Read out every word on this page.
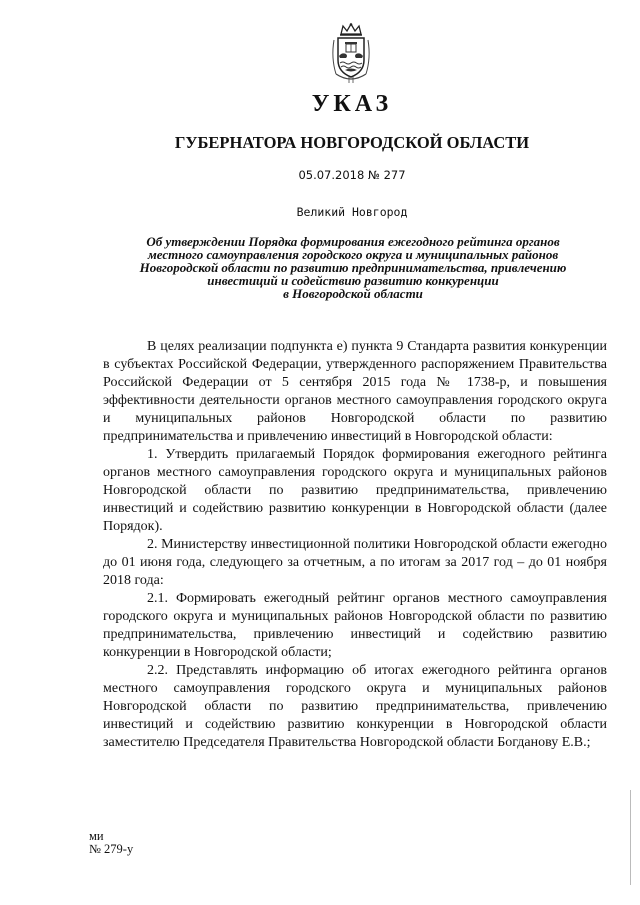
УКАЗ
ГУБЕРНАТОРА НОВГОРОДСКОЙ ОБЛАСТИ
05.07.2018 № 277
Великий Новгород
Об утверждении Порядка формирования ежегодного рейтинга органов
местного самоуправления городского округа и муниципальных районов
Новгородской области по развитию предпринимательства, привлечению
инвестиций и содействию развитию конкуренции
в Новгородской области

В целях реализации подпункта е) пункта 9 Стандарта развития конкуренции в субъектах Российской Федерации, утвержденного распоряжением Правительства Российской Федерации от 5 сентября 2015 года № 1738-р, и повышения эффективности деятельности органов местного самоуправления городского округа и муниципальных районов Новгородской области по развитию предпринимательства и привлечению инвестиций в Новгородской области:

1. Утвердить прилагаемый Порядок формирования ежегодного рейтинга органов местного самоуправления городского округа и муниципальных районов Новгородской области по развитию предпринимательства, привлечению инвестиций и содействию развитию конкуренции в Новгородской области (далее Порядок).

2. Министерству инвестиционной политики Новгородской области ежегодно до 01 июня года, следующего за отчетным, а по итогам за 2017 год – до 01 ноября 2018 года:

2.1. Формировать ежегодный рейтинг органов местного самоуправления городского округа и муниципальных районов Новгородской области по развитию предпринимательства, привлечению инвестиций и содействию развитию конкуренции в Новгородской области;

2.2. Представлять информацию об итогах ежегодного рейтинга органов местного самоуправления городского округа и муниципальных районов Новгородской области по развитию предпринимательства, привлечению инвестиций и содействию развитию конкуренции в Новгородской области заместителю Председателя Правительства Новгородской области Богданову Е.В.;

ми
№ 279-у
